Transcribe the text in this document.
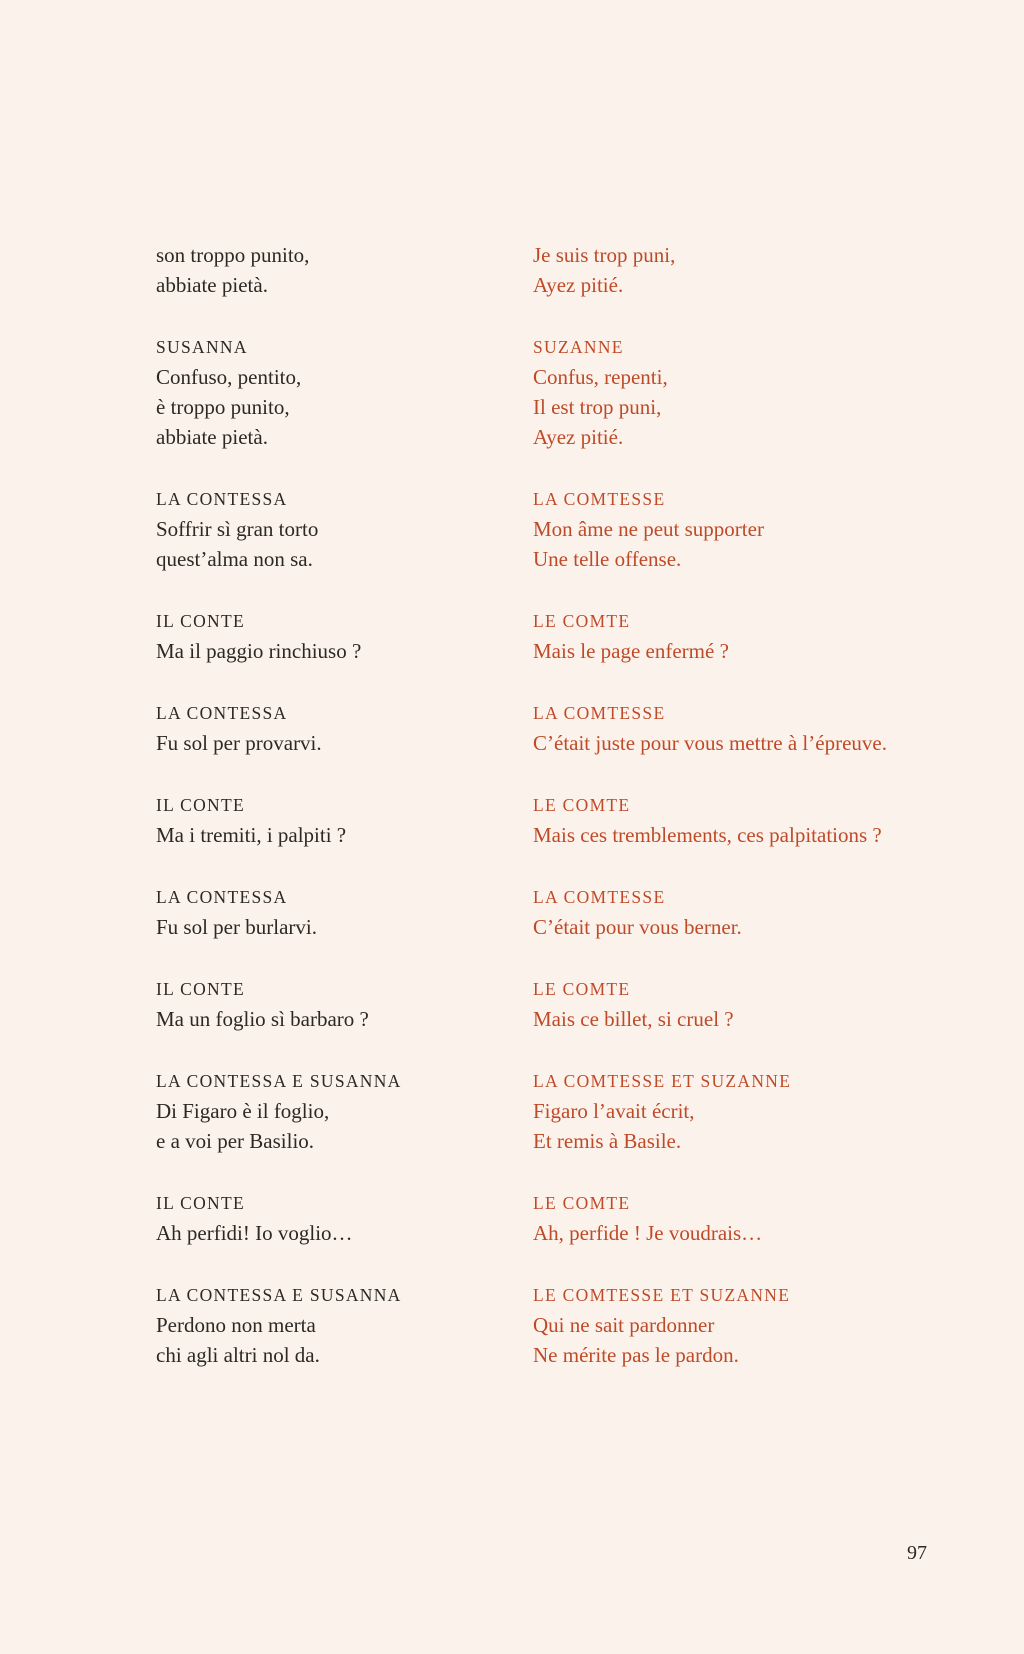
son troppo punito,
abbiate pietà.
SUSANNA
Confuso, pentito,
è troppo punito,
abbiate pietà.
LA CONTESSA
Soffrir sì gran torto
quest’alma non sa.
IL CONTE
Ma il paggio rinchiuso ?
LA CONTESSA
Fu sol per provarvi.
IL CONTE
Ma i tremiti, i palpiti ?
LA CONTESSA
Fu sol per burlarvi.
IL CONTE
Ma un foglio sì barbaro ?
LA CONTESSA E SUSANNA
Di Figaro è il foglio,
e a voi per Basilio.
IL CONTE
Ah perfidi! Io voglio…
LA CONTESSA E SUSANNA
Perdono non merta
chi agli altri nol da.
Je suis trop puni,
Ayez pitié.
SUZANNE
Confus, repenti,
Il est trop puni,
Ayez pitié.
LA COMTESSE
Mon âme ne peut supporter
Une telle offense.
LE COMTE
Mais le page enfermé ?
LA COMTESSE
C’était juste pour vous mettre à l’épreuve.
LE COMTE
Mais ces tremblements, ces palpitations ?
LA COMTESSE
C’était pour vous berner.
LE COMTE
Mais ce billet, si cruel ?
LA COMTESSE ET SUZANNE
Figaro l’avait écrit,
Et remis à Basile.
LE COMTE
Ah, perfide ! Je voudrais…
LE COMTESSE ET SUZANNE
Qui ne sait pardonner
Ne mérite pas le pardon.
97
